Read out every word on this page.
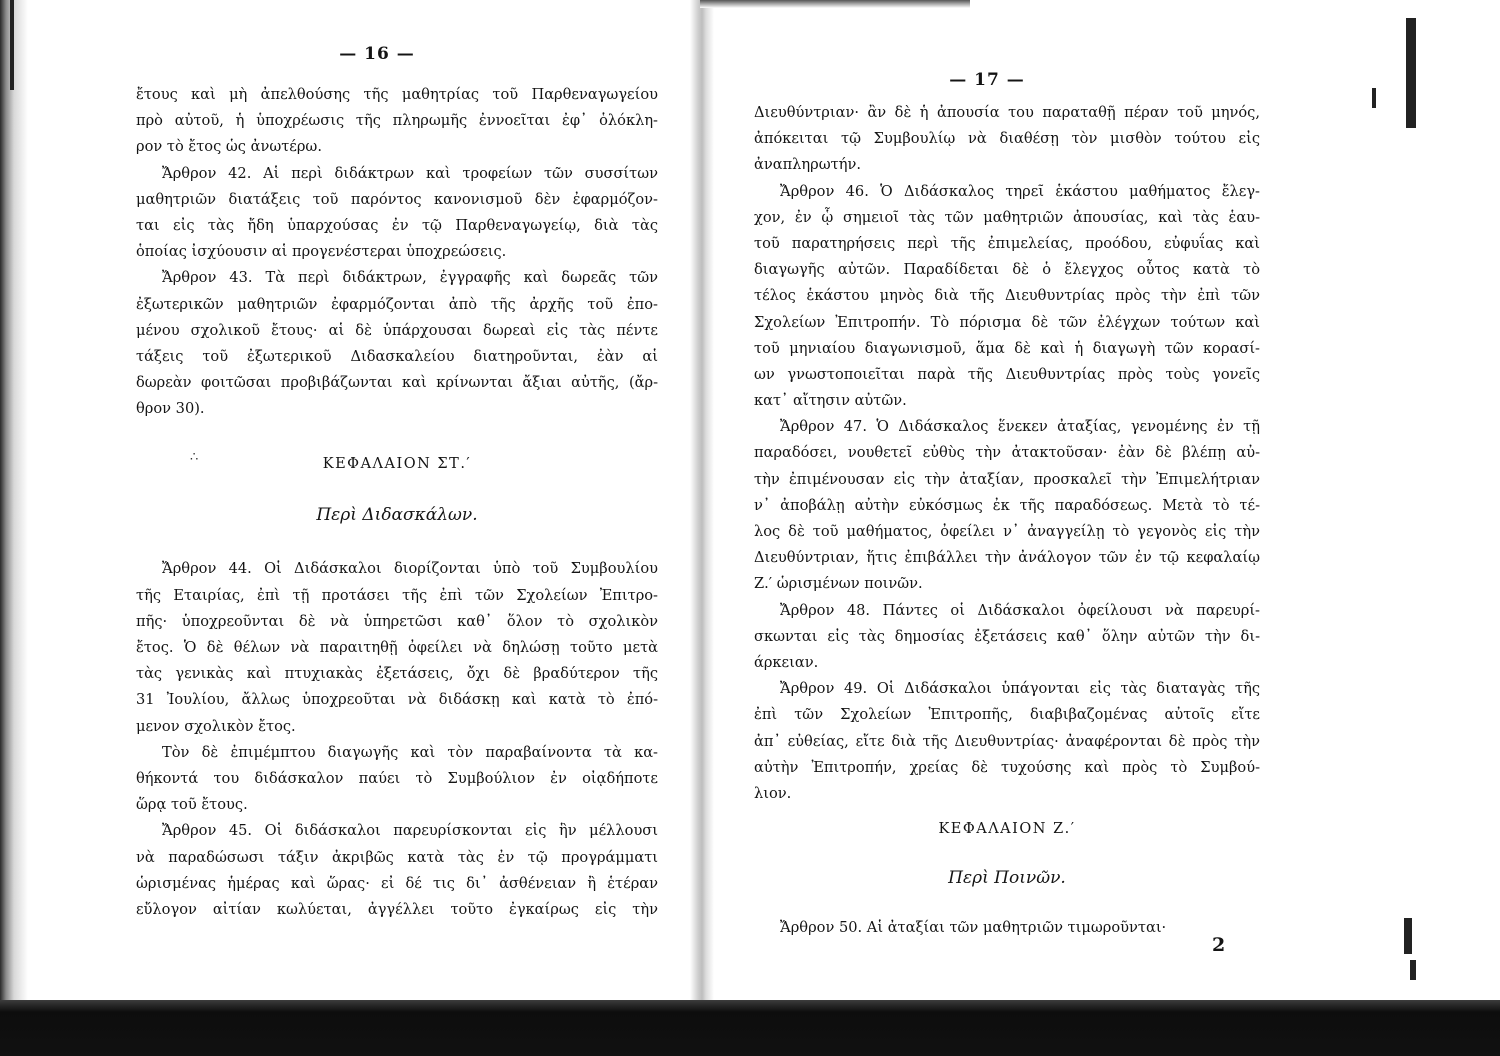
— 16 —

ἔτους καὶ μὴ ἀπελθούσης τῆς μαθητρίας τοῦ Παρθεναγωγείου
πρὸ αὐτοῦ, ἡ ὑποχρέωσις τῆς πληρωμῆς ἐννοεῖται ἐφ᾽ ὁλόκλη-
ρον τὸ ἔτος ὡς ἀνωτέρω.

Ἄρθρον 42. Αἱ περὶ διδάκτρων καὶ τροφείων τῶν συσσίτων
μαθητριῶν διατάξεις τοῦ παρόντος κανονισμοῦ δὲν ἐφαρμόζον-
ται εἰς τὰς ἤδη ὑπαρχούσας ἐν τῷ Παρθεναγωγείῳ, διὰ τὰς
ὁποίας ἰσχύουσιν αἱ προγενέστεραι ὑποχρεώσεις.

Ἄρθρον 43. Τὰ περὶ διδάκτρων, ἐγγραφῆς καὶ δωρεᾶς τῶν
ἐξωτερικῶν μαθητριῶν ἐφαρμόζονται ἀπὸ τῆς ἀρχῆς τοῦ ἐπο-
μένου σχολικοῦ ἔτους· αἱ δὲ ὑπάρχουσαι δωρεαὶ εἰς τὰς πέντε
τάξεις τοῦ ἐξωτερικοῦ Διδασκαλείου διατηροῦνται, ἐὰν αἱ
δωρεὰν φοιτῶσαι προβιβάζωνται καὶ κρίνωνται ἄξιαι αὐτῆς, (ἄρ-
θρον 30).

ΚΕΦΑΛΑΙΟΝ ΣΤ.′
Περὶ Διδασκάλων.

Ἄρθρον 44. Οἱ Διδάσκαλοι διορίζονται ὑπὸ τοῦ Συμβουλίου
τῆς Εταιρίας, ἐπὶ τῇ προτάσει τῆς ἐπὶ τῶν Σχολείων Ἐπιτρο-
πῆς· ὑποχρεοῦνται δὲ νὰ ὑπηρετῶσι καθ᾽ ὅλον τὸ σχολικὸν
ἔτος. Ὁ δὲ θέλων νὰ παραιτηθῇ ὀφείλει νὰ δηλώσῃ τοῦτο μετὰ
τὰς γενικὰς καὶ πτυχιακὰς ἐξετάσεις, ὄχι δὲ βραδύτερον τῆς
31 Ἰουλίου, ἄλλως ὑποχρεοῦται νὰ διδάσκῃ καὶ κατὰ τὸ ἐπό-
μενον σχολικὸν ἔτος.

Τὸν δὲ ἐπιμέμπτου διαγωγῆς καὶ τὸν παραβαίνοντα τὰ κα-
θήκοντά του διδάσκαλον παύει τὸ Συμβούλιον ἐν οἰᾳδήποτε
ὥρᾳ τοῦ ἔτους.

Ἄρθρον 45. Οἱ διδάσκαλοι παρευρίσκονται εἰς ἣν μέλλουσι
νὰ παραδώσωσι τάξιν ἀκριβῶς κατὰ τὰς ἐν τῷ προγράμματι
ὡρισμένας ἡμέρας καὶ ὥρας· εἰ δέ τις δι᾽ ἀσθένειαν ἢ ἑτέραν
εὔλογον αἰτίαν κωλύεται, ἀγγέλλει τοῦτο ἐγκαίρως εἰς τὴν

∴
— 17 —

Διευθύντριαν· ἂν δὲ ἡ ἀπουσία του παραταθῇ πέραν τοῦ μηνός,
ἀπόκειται τῷ Συμβουλίῳ νὰ διαθέσῃ τὸν μισθὸν τούτου εἰς
ἀναπληρωτήν.

Ἄρθρον 46. Ὁ Διδάσκαλος τηρεῖ ἑκάστου μαθήματος ἔλεγ-
χον, ἐν ᾧ σημειοῖ τὰς τῶν μαθητριῶν ἀπουσίας, καὶ τὰς ἑαυ-
τοῦ παρατηρήσεις περὶ τῆς ἐπιμελείας, προόδου, εὐφυΐας καὶ
διαγωγῆς αὐτῶν. Παραδίδεται δὲ ὁ ἔλεγχος οὗτος κατὰ τὸ
τέλος ἑκάστου μηνὸς διὰ τῆς Διευθυντρίας πρὸς τὴν ἐπὶ τῶν
Σχολείων Ἐπιτροπήν. Τὸ πόρισμα δὲ τῶν ἐλέγχων τούτων καὶ
τοῦ μηνιαίου διαγωνισμοῦ, ἅμα δὲ καὶ ἡ διαγωγὴ τῶν κορασί-
ων γνωστοποιεῖται παρὰ τῆς Διευθυντρίας πρὸς τοὺς γονεῖς
κατ᾽ αἴτησιν αὐτῶν.

Ἄρθρον 47. Ὁ Διδάσκαλος ἕνεκεν ἀταξίας, γενομένης ἐν τῇ
παραδόσει, νουθετεῖ εὐθὺς τὴν ἀτακτοῦσαν· ἐὰν δὲ βλέπῃ αὐ-
τὴν ἐπιμένουσαν εἰς τὴν ἀταξίαν, προσκαλεῖ τὴν Ἐπιμελήτριαν
ν᾽ ἀποβάλῃ αὐτὴν εὐκόσμως ἐκ τῆς παραδόσεως. Μετὰ τὸ τέ-
λος δὲ τοῦ μαθήματος, ὀφείλει ν᾽ ἀναγγείλῃ τὸ γεγονὸς εἰς τὴν
Διευθύντριαν, ἥτις ἐπιβάλλει τὴν ἀνάλογον τῶν ἐν τῷ κεφαλαίῳ
Ζ.′ ὡρισμένων ποινῶν.

Ἄρθρον 48. Πάντες οἱ Διδάσκαλοι ὀφείλουσι νὰ παρευρί-
σκωνται εἰς τὰς δημοσίας ἐξετάσεις καθ᾽ ὅλην αὐτῶν τὴν δι-
άρκειαν.

Ἄρθρον 49. Οἱ Διδάσκαλοι ὑπάγονται εἰς τὰς διαταγὰς τῆς
ἐπὶ τῶν Σχολείων Ἐπιτροπῆς, διαβιβαζομένας αὐτοῖς εἴτε
ἀπ᾽ εὐθείας, εἴτε διὰ τῆς Διευθυντρίας· ἀναφέρονται δὲ πρὸς τὴν
αὐτὴν Ἐπιτροπήν, χρείας δὲ τυχούσης καὶ πρὸς τὸ Συμβού-
λιον.

ΚΕΦΑΛΑΙΟΝ Ζ.′
Περὶ Ποινῶν.

Ἄρθρον 50. Αἱ ἀταξίαι τῶν μαθητριῶν τιμωροῦνται·

2
